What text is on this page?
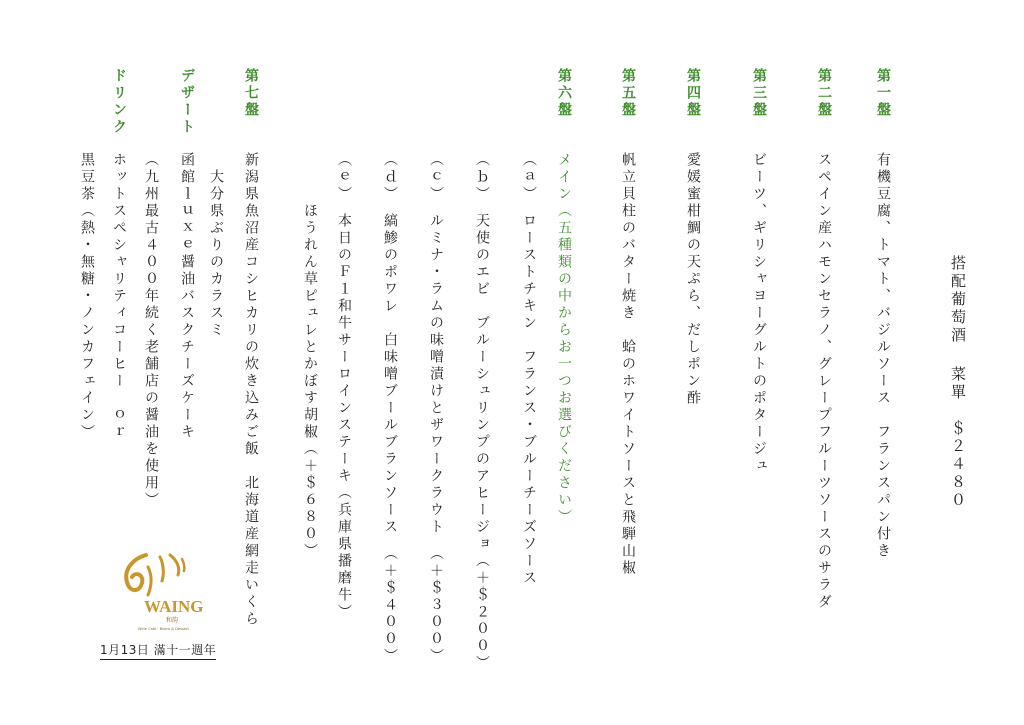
搭配葡萄酒 菜單　＄２４８０
第一盤
有機豆腐、トマト、バジルソース　フランスパン付き
第二盤
スペイン産ハモンセラノ、グレープフルーツソースのサラダ
第三盤
ビーツ、ギリシャヨーグルトのポタージュ
第四盤
愛媛蜜柑鯛の天ぷら、だしポン酢
第五盤
帆立貝柱のバター焼き　蛤のホワイトソースと飛騨山椒
第六盤
メイン（五種類の中からお一つお選びください）
（ａ）　ローストチキン　フランス・ブルーチーズソース
（ｂ）　天使のエビ　ブルーシュリンプのアヒージョ（＋＄２００）
（ｃ）　ルミナ・ラムの味噌漬けとザワークラウト　（＋＄３００）
（ｄ）　縞鯵のポワレ　白味噌ブールブランソース　（＋＄４００）
（ｅ）　本日のＦ１和牛サーロインステーキ（兵庫県播磨牛）
　　　ほうれん草ピュレとかぼす胡椒（＋＄６８０）
第七盤
新潟県魚沼産コシヒカリの炊き込みご飯　北海道産網走いくら
　大分県ぶりのカラスミ
デザート
函館ｌｕｘｅ醤油バスクチーズケーキ
（九州最古４００年続く老舗店の醤油を使用）
ドリンク
ホットスペシャリティコーヒー　ｏｒ
黒豆茶（熱・無糖・ノンカフェイン）
WAING
和韵
Wine Cafe · Bistro & Dessert
1月13日 滿十一週年
